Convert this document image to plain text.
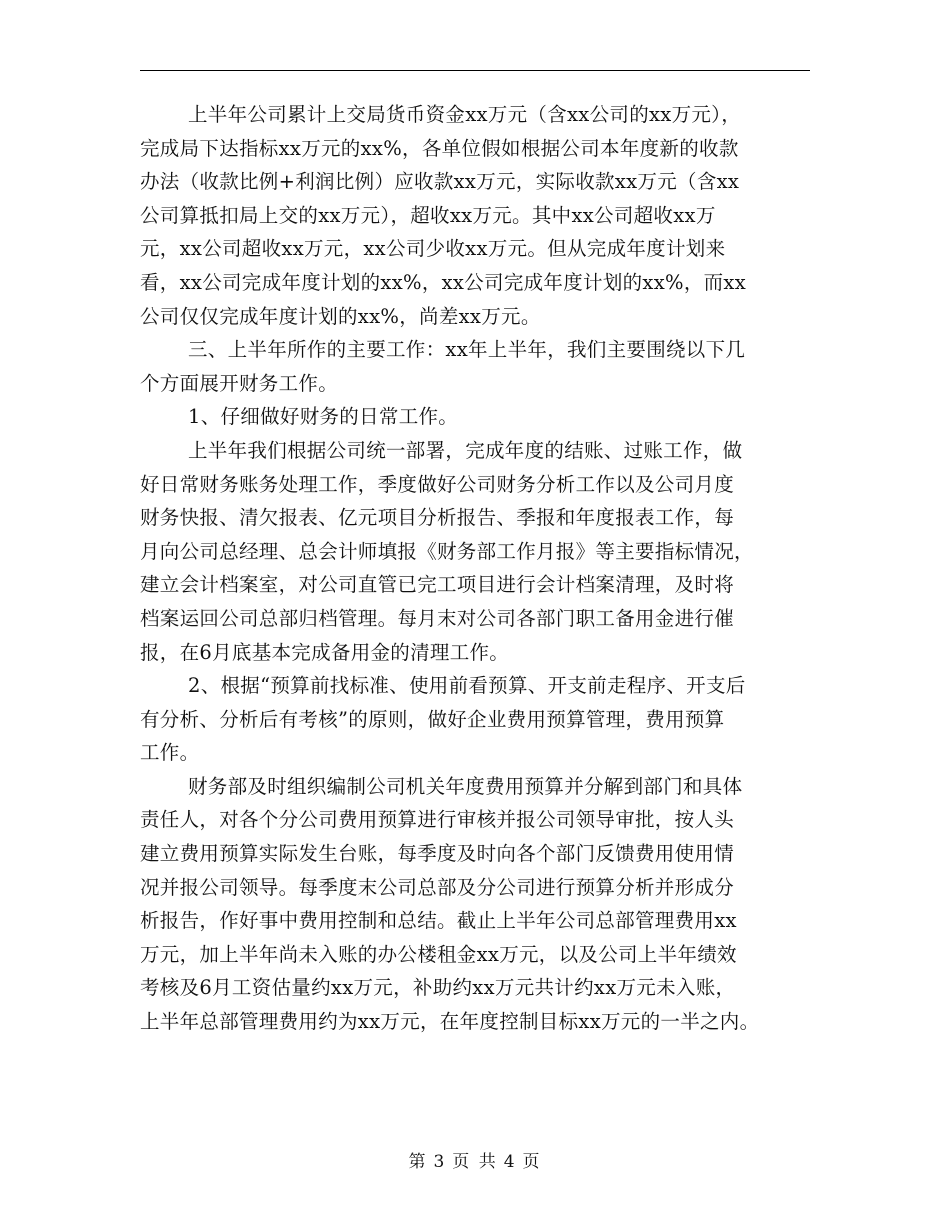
上半年公司累计上交局货币资金xx万元（含xx公司的xx万元），
完成局下达指标xx万元的xx%，各单位假如根据公司本年度新的收款
办法（收款比例+利润比例）应收款xx万元，实际收款xx万元（含xx
公司算抵扣局上交的xx万元），超收xx万元。其中xx公司超收xx万
元，xx公司超收xx万元，xx公司少收xx万元。但从完成年度计划来
看，xx公司完成年度计划的xx%，xx公司完成年度计划的xx%，而xx
公司仅仅完成年度计划的xx%，尚差xx万元。
三、上半年所作的主要工作：xx年上半年，我们主要围绕以下几
个方面展开财务工作。
1、仔细做好财务的日常工作。
上半年我们根据公司统一部署，完成年度的结账、过账工作，做
好日常财务账务处理工作，季度做好公司财务分析工作以及公司月度
财务快报、清欠报表、亿元项目分析报告、季报和年度报表工作，每
月向公司总经理、总会计师填报《财务部工作月报》等主要指标情况，
建立会计档案室，对公司直管已完工项目进行会计档案清理，及时将
档案运回公司总部归档管理。每月末对公司各部门职工备用金进行催
报，在6月底基本完成备用金的清理工作。
2、根据“预算前找标准、使用前看预算、开支前走程序、开支后
有分析、分析后有考核”的原则，做好企业费用预算管理，费用预算
工作。
财务部及时组织编制公司机关年度费用预算并分解到部门和具体
责任人，对各个分公司费用预算进行审核并报公司领导审批，按人头
建立费用预算实际发生台账，每季度及时向各个部门反馈费用使用情
况并报公司领导。每季度末公司总部及分公司进行预算分析并形成分
析报告，作好事中费用控制和总结。截止上半年公司总部管理费用xx
万元，加上半年尚未入账的办公楼租金xx万元，以及公司上半年绩效
考核及6月工资估量约xx万元，补助约xx万元共计约xx万元未入账，
上半年总部管理费用约为xx万元，在年度控制目标xx万元的一半之内。
第 3 页 共 4 页
